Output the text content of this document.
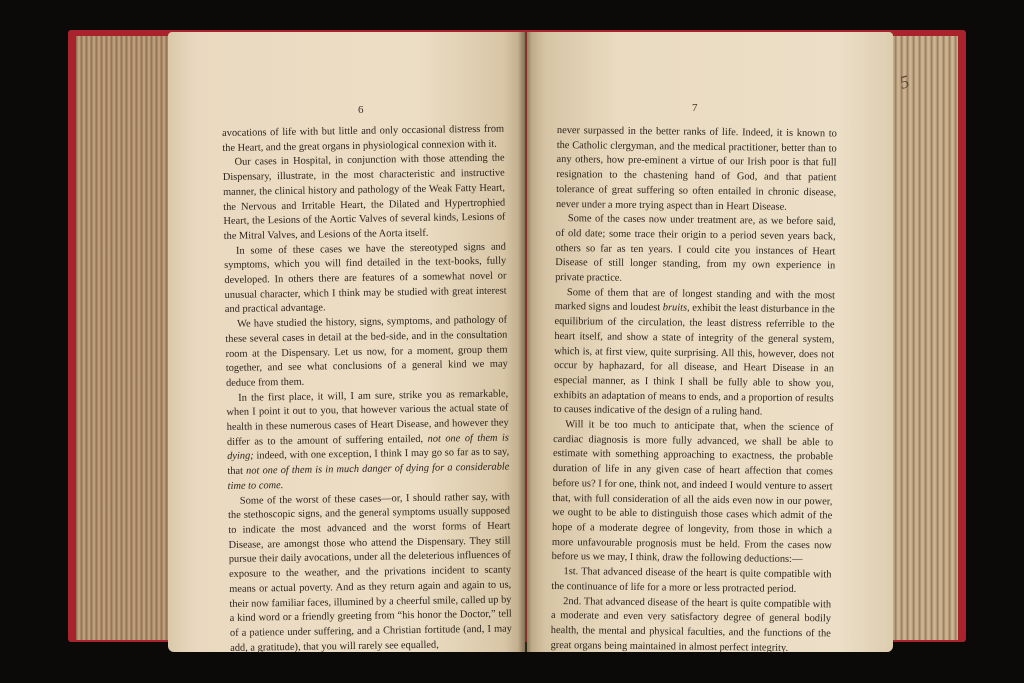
6	7
5

avocations of life with but little and only occasional distress from the Heart, and the great organs in physiological connexion with it.

Our cases in Hospital, in conjunction with those attending the Dispensary, illustrate, in the most characteristic and instructive manner, the clinical history and pathology of the Weak Fatty Heart, the Nervous and Irritable Heart, the Dilated and Hypertrophied Heart, the Lesions of the Aortic Valves of several kinds, Lesions of the Mitral Valves, and Lesions of the Aorta itself.

In some of these cases we have the stereotyped signs and symptoms, which you will find detailed in the text-books, fully developed. In others there are features of a somewhat novel or unusual character, which I think may be studied with great interest and practical advantage.

We have studied the history, signs, symptoms, and pathology of these several cases in detail at the bed-side, and in the consultation room at the Dispensary. Let us now, for a moment, group them together, and see what conclusions of a general kind we may deduce from them.

In the first place, it will, I am sure, strike you as remarkable, when I point it out to you, that however various the actual state of health in these numerous cases of Heart Disease, and however they differ as to the amount of suffering entailed, not one of them is dying; indeed, with one exception, I think I may go so far as to say, that not one of them is in much danger of dying for a considerable time to come.

Some of the worst of these cases—or, I should rather say, with the stethoscopic signs, and the general symptoms usually supposed to indicate the most advanced and the worst forms of Heart Disease, are amongst those who attend the Dispensary. They still pursue their daily avocations, under all the deleterious influences of exposure to the weather, and the privations incident to scanty means or actual poverty. And as they return again and again to us, their now familiar faces, illumined by a cheerful smile, called up by a kind word or a friendly greeting from “his honor the Doctor,” tell of a patience under suffering, and a Christian fortitude (and, I may add, a gratitude), that you will rarely see equalled,

never surpassed in the better ranks of life. Indeed, it is known to the Catholic clergyman, and the medical practitioner, better than to any others, how pre-eminent a virtue of our Irish poor is that full resignation to the chastening hand of God, and that patient tolerance of great suffering so often entailed in chronic disease, never under a more trying aspect than in Heart Disease.

Some of the cases now under treatment are, as we before said, of old date; some trace their origin to a period seven years back, others so far as ten years. I could cite you instances of Heart Disease of still longer standing, from my own experience in private practice.

Some of them that are of longest standing and with the most marked signs and loudest bruits, exhibit the least disturbance in the equilibrium of the circulation, the least distress referrible to the heart itself, and show a state of integrity of the general system, which is, at first view, quite surprising. All this, however, does not occur by haphazard, for all disease, and Heart Disease in an especial manner, as I think I shall be fully able to show you, exhibits an adaptation of means to ends, and a proportion of results to causes indicative of the design of a ruling hand.

Will it be too much to anticipate that, when the science of cardiac diagnosis is more fully advanced, we shall be able to estimate with something approaching to exactness, the probable duration of life in any given case of heart affection that comes before us? I for one, think not, and indeed I would venture to assert that, with full consideration of all the aids even now in our power, we ought to be able to distinguish those cases which admit of the hope of a moderate degree of longevity, from those in which a more unfavourable prognosis must be held. From the cases now before us we may, I think, draw the following deductions:—

1st. That advanced disease of the heart is quite compatible with the continuance of life for a more or less protracted period.

2nd. That advanced disease of the heart is quite compatible with a moderate and even very satisfactory degree of general bodily health, the mental and physical faculties, and the functions of the great organs being maintained in almost perfect integrity.
